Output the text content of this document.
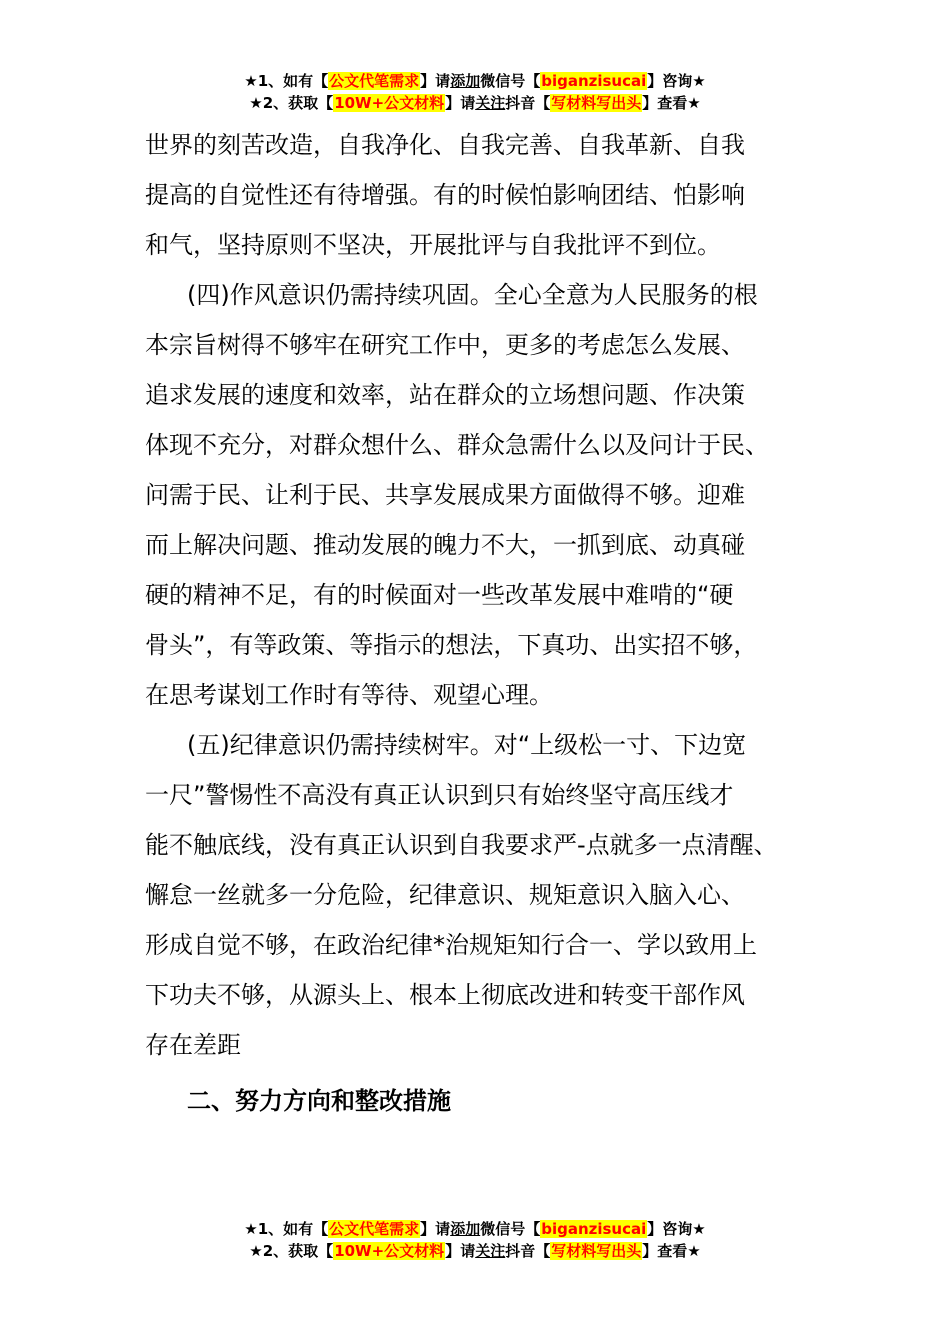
★1、如有【公文代笔需求】请添加微信号【biganzisucai】咨询★
★2、获取【10W+公文材料】请关注抖音【写材料写出头】查看★
世界的刻苦改造，自我净化、自我完善、自我革新、自我
提高的自觉性还有待增强。有的时候怕影响团结、怕影响
和气，坚持原则不坚决，开展批评与自我批评不到位。
(四)作风意识仍需持续巩固。全心全意为人民服务的根
本宗旨树得不够牢在研究工作中，更多的考虑怎么发展、
追求发展的速度和效率，站在群众的立场想问题、作决策
体现不充分，对群众想什么、群众急需什么以及问计于民、
问需于民、让利于民、共享发展成果方面做得不够。迎难
而上解决问题、推动发展的魄力不大，一抓到底、动真碰
硬的精神不足，有的时候面对一些改革发展中难啃的“硬
骨头”，有等政策、等指示的想法，下真功、出实招不够，
在思考谋划工作时有等待、观望心理。
(五)纪律意识仍需持续树牢。对“上级松一寸、下边宽
一尺”警惕性不高没有真正认识到只有始终坚守高压线才
能不触底线，没有真正认识到自我要求严-点就多一点清醒、
懈怠一丝就多一分危险，纪律意识、规矩意识入脑入心、
形成自觉不够，在政治纪律*治规矩知行合一、学以致用上
下功夫不够，从源头上、根本上彻底改进和转变干部作风
存在差距
二、努力方向和整改措施
★1、如有【公文代笔需求】请添加微信号【biganzisucai】咨询★
★2、获取【10W+公文材料】请关注抖音【写材料写出头】查看★
